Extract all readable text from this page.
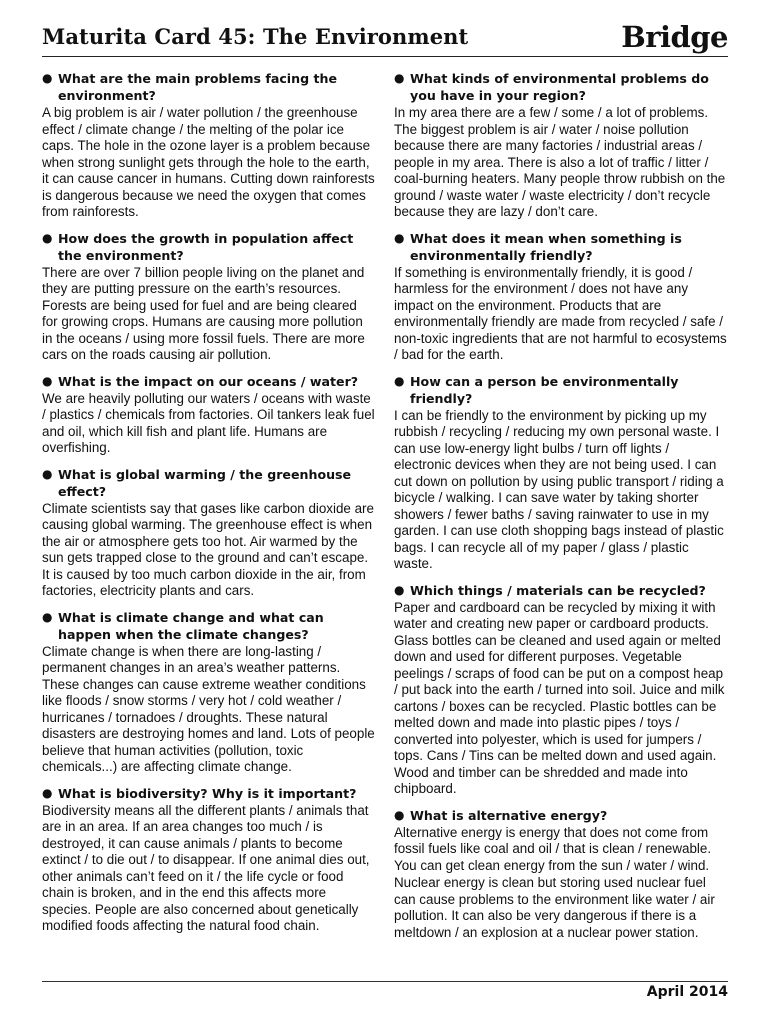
Maturita Card 45: The Environment	Bridge
● What are the main problems facing the environment?
A big problem is air / water pollution / the greenhouse effect / climate change / the melting of the polar ice caps. The hole in the ozone layer is a problem because when strong sunlight gets through the hole to the earth, it can cause cancer in humans. Cutting down rainforests is dangerous because we need the oxygen that comes from rainforests.
● How does the growth in population affect the environment?
There are over 7 billion people living on the planet and they are putting pressure on the earth’s resources. Forests are being used for fuel and are being cleared for growing crops. Humans are causing more pollution in the oceans / using more fossil fuels. There are more cars on the roads causing air pollution.
● What is the impact on our oceans / water?
We are heavily polluting our waters / oceans with waste / plastics / chemicals from factories. Oil tankers leak fuel and oil, which kill fish and plant life. Humans are overfishing.
● What is global warming / the greenhouse effect?
Climate scientists say that gases like carbon dioxide are causing global warming. The greenhouse effect is when the air or atmosphere gets too hot. Air warmed by the sun gets trapped close to the ground and can’t escape. It is caused by too much carbon dioxide in the air, from factories, electricity plants and cars.
● What is climate change and what can happen when the climate changes?
Climate change is when there are long-lasting / permanent changes in an area’s weather patterns. These changes can cause extreme weather conditions like floods / snow storms / very hot / cold weather / hurricanes / tornadoes / droughts. These natural disasters are destroying homes and land. Lots of people believe that human activities (pollution, toxic chemicals...) are affecting climate change.
● What is biodiversity? Why is it important?
Biodiversity means all the different plants / animals that are in an area. If an area changes too much / is destroyed, it can cause animals / plants to become extinct / to die out / to disappear. If one animal dies out, other animals can’t feed on it / the life cycle or food chain is broken, and in the end this affects more species. People are also concerned about genetically modified foods affecting the natural food chain.
● What kinds of environmental problems do you have in your region?
In my area there are a few / some / a lot of problems. The biggest problem is air / water / noise pollution because there are many factories / industrial areas / people in my area. There is also a lot of traffic / litter / coal-burning heaters. Many people throw rubbish on the ground / waste water / waste electricity / don’t recycle because they are lazy / don’t care.
● What does it mean when something is environmentally friendly?
If something is environmentally friendly, it is good / harmless for the environment / does not have any impact on the environment. Products that are environmentally friendly are made from recycled / safe / non-toxic ingredients that are not harmful to ecosystems / bad for the earth.
● How can a person be environmentally friendly?
I can be friendly to the environment by picking up my rubbish / recycling / reducing my own personal waste. I can use low-energy light bulbs / turn off lights / electronic devices when they are not being used. I can cut down on pollution by using public transport / riding a bicycle / walking. I can save water by taking shorter showers / fewer baths / saving rainwater to use in my garden. I can use cloth shopping bags instead of plastic bags. I can recycle all of my paper / glass / plastic waste.
● Which things / materials can be recycled?
Paper and cardboard can be recycled by mixing it with water and creating new paper or cardboard products. Glass bottles can be cleaned and used again or melted down and used for different purposes. Vegetable peelings / scraps of food can be put on a compost heap / put back into the earth / turned into soil. Juice and milk cartons / boxes can be recycled. Plastic bottles can be melted down and made into plastic pipes / toys / converted into polyester, which is used for jumpers / tops. Cans / Tins can be melted down and used again. Wood and timber can be shredded and made into chipboard.
● What is alternative energy?
Alternative energy is energy that does not come from fossil fuels like coal and oil / that is clean / renewable. You can get clean energy from the sun / water / wind.
Nuclear energy is clean but storing used nuclear fuel can cause problems to the environment like water / air pollution. It can also be very dangerous if there is a meltdown / an explosion at a nuclear power station.
April 2014
